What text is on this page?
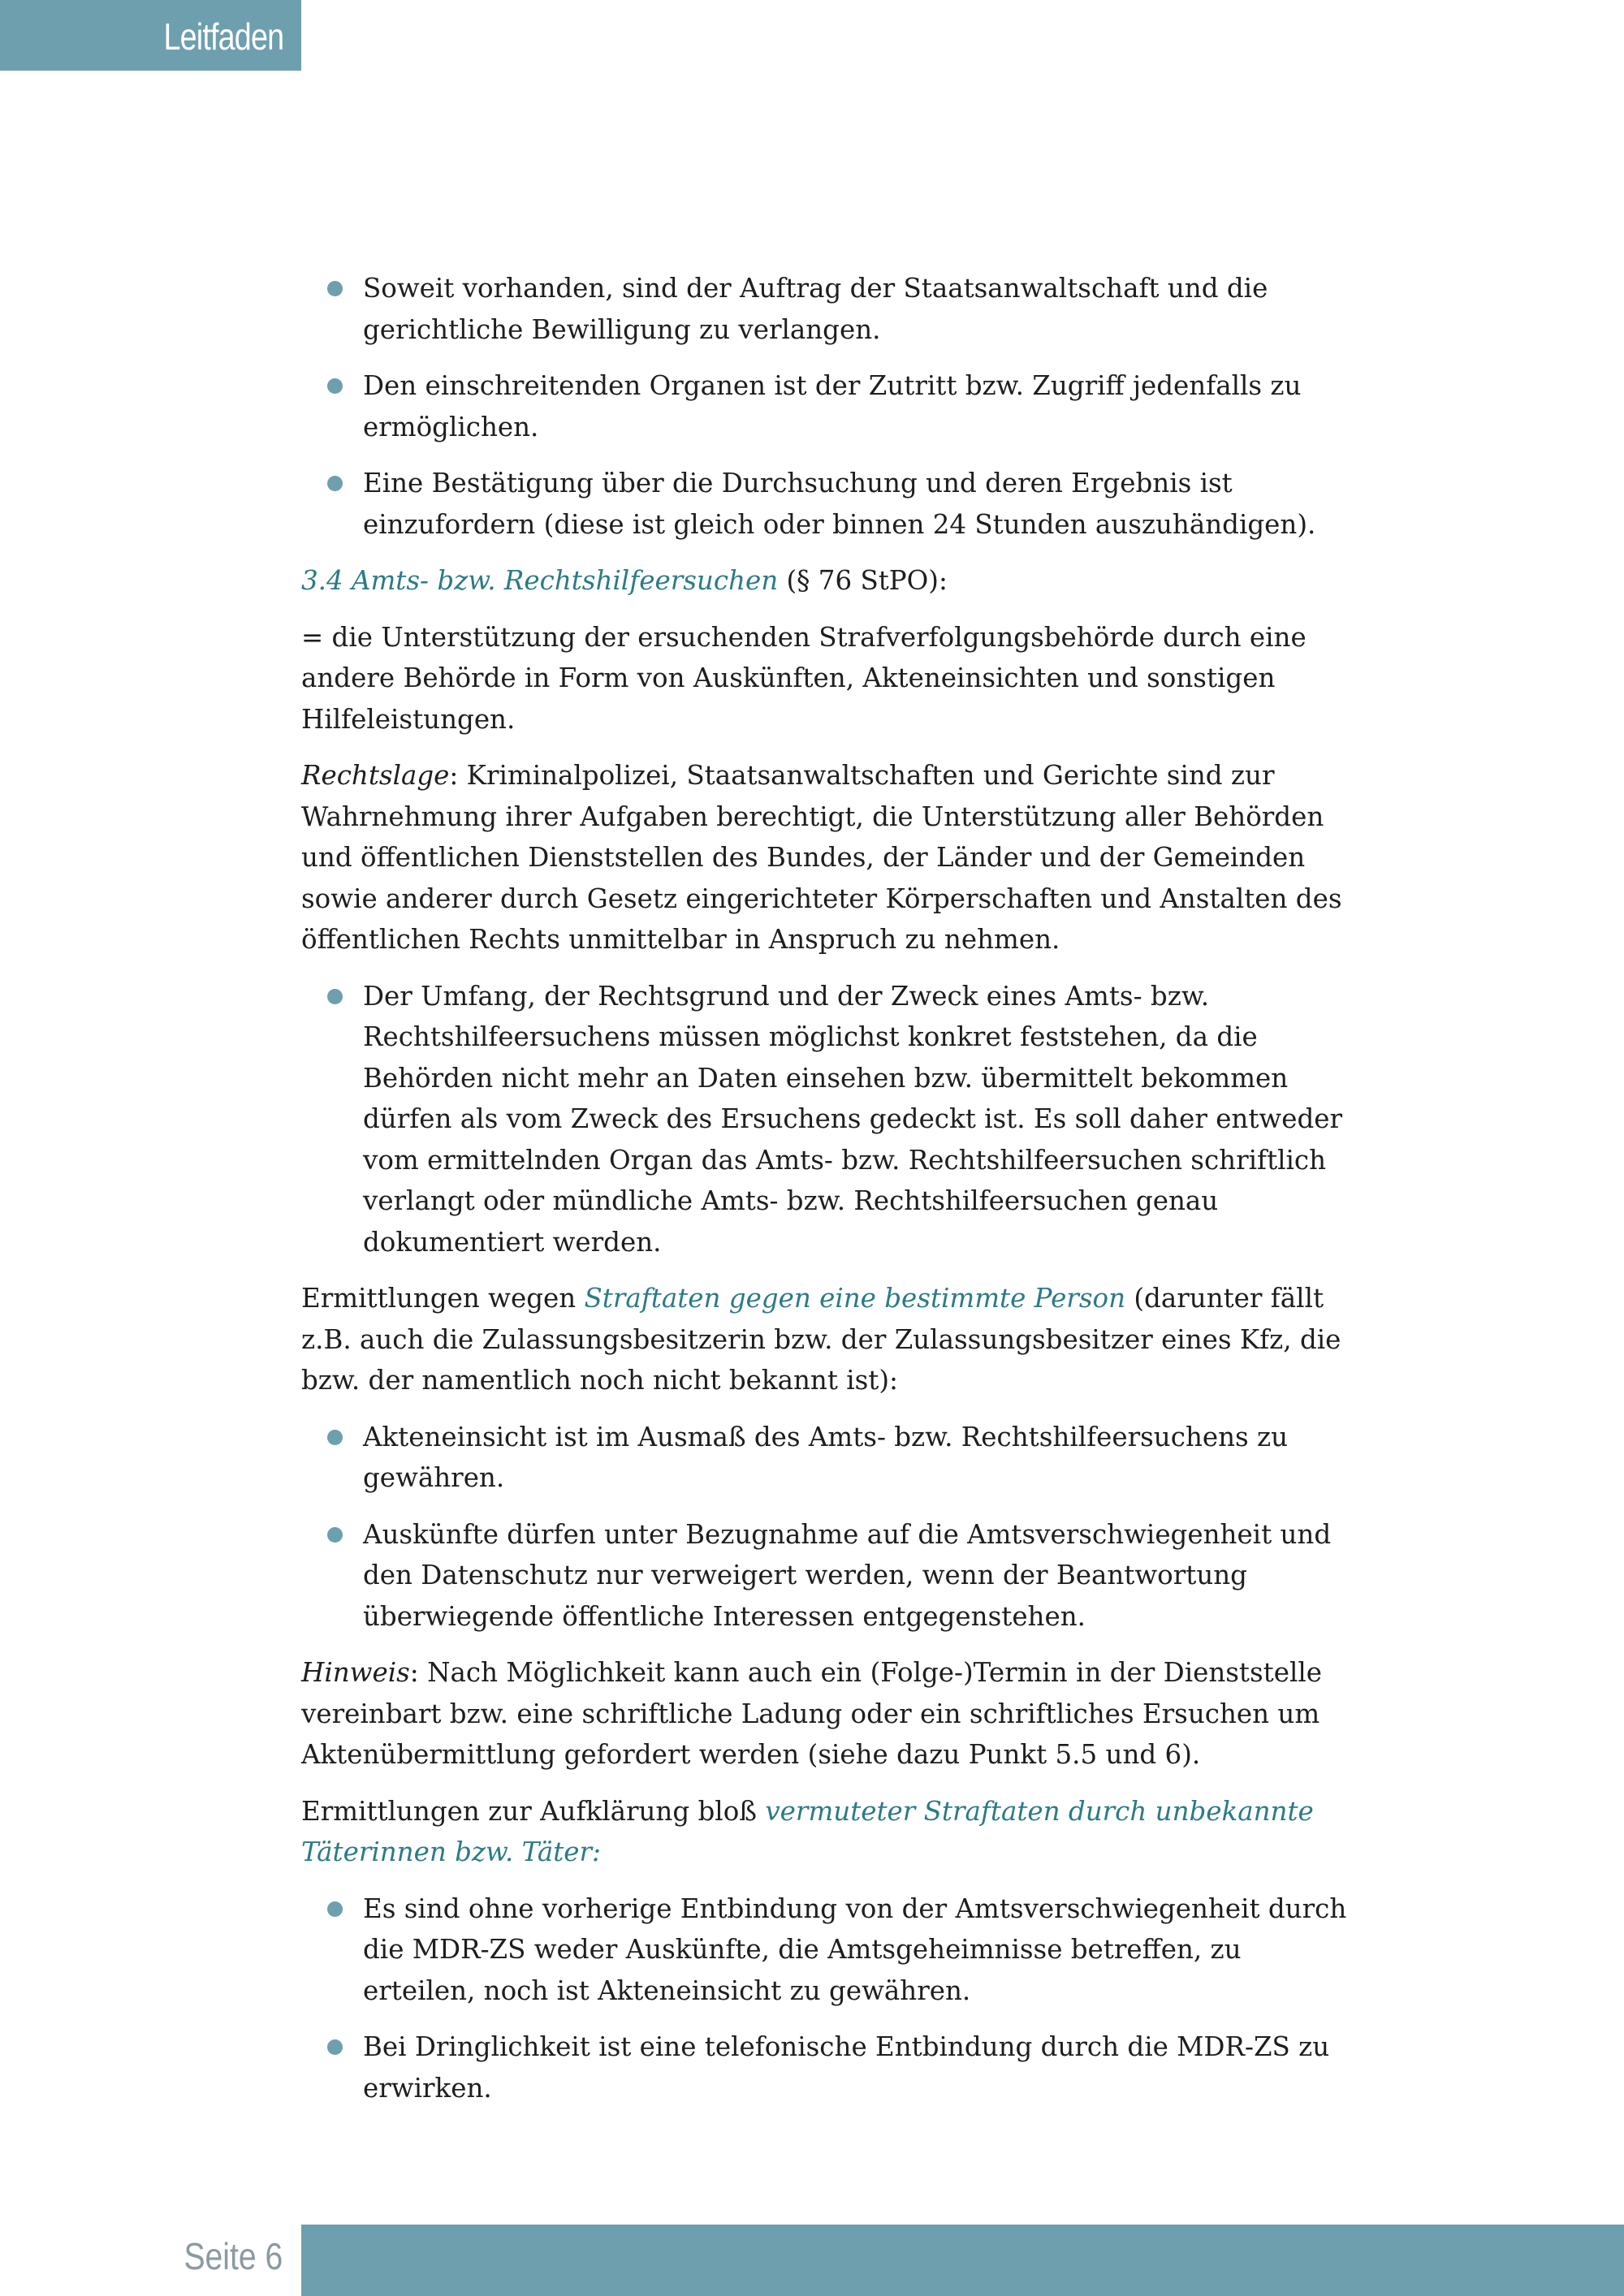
Leitfaden
Soweit vorhanden, sind der Auftrag der Staatsanwaltschaft und die gerichtliche Bewilligung zu verlangen.
Den einschreitenden Organen ist der Zutritt bzw. Zugriff jedenfalls zu ermöglichen.
Eine Bestätigung über die Durchsuchung und deren Ergebnis ist einzufordern (diese ist gleich oder binnen 24 Stunden auszuhändigen).

3.4 Amts- bzw. Rechtshilfeersuchen (§ 76 StPO):

= die Unterstützung der ersuchenden Strafverfolgungsbehörde durch eine andere Behörde in Form von Auskünften, Akteneinsichten und sonstigen Hilfeleistungen.

Rechtslage: Kriminalpolizei, Staatsanwaltschaften und Gerichte sind zur Wahrnehmung ihrer Aufgaben berechtigt, die Unterstützung aller Behörden und öffentlichen Dienststellen des Bundes, der Länder und der Gemeinden sowie anderer durch Gesetz eingerichteter Körperschaften und Anstalten des öffentlichen Rechts unmittelbar in Anspruch zu nehmen.

Der Umfang, der Rechtsgrund und der Zweck eines Amts- bzw. Rechtshilfeersuchens müssen möglichst konkret feststehen, da die Behörden nicht mehr an Daten einsehen bzw. übermittelt bekommen dürfen als vom Zweck des Ersuchens gedeckt ist. Es soll daher entweder vom ermittelnden Organ das Amts- bzw. Rechtshilfeersuchen schriftlich verlangt oder mündliche Amts- bzw. Rechtshilfeersuchen genau dokumentiert werden.

Ermittlungen wegen Straftaten gegen eine bestimmte Person (darunter fällt z.B. auch die Zulassungsbesitzerin bzw. der Zulassungsbesitzer eines Kfz, die bzw. der namentlich noch nicht bekannt ist):

Akteneinsicht ist im Ausmaß des Amts- bzw. Rechtshilfeersuchens zu gewähren.
Auskünfte dürfen unter Bezugnahme auf die Amtsverschwiegenheit und den Datenschutz nur verweigert werden, wenn der Beantwortung überwiegende öffentliche Interessen entgegenstehen.

Hinweis: Nach Möglichkeit kann auch ein (Folge-)Termin in der Dienststelle vereinbart bzw. eine schriftliche Ladung oder ein schriftliches Ersuchen um Aktenübermittlung gefordert werden (siehe dazu Punkt 5.5 und 6).

Ermittlungen zur Aufklärung bloß vermuteter Straftaten durch unbekannte Täterinnen bzw. Täter:

Es sind ohne vorherige Entbindung von der Amtsverschwiegenheit durch die MDR-ZS weder Auskünfte, die Amtsgeheimnisse betreffen, zu erteilen, noch ist Akteneinsicht zu gewähren.
Bei Dringlichkeit ist eine telefonische Entbindung durch die MDR-ZS zu erwirken.
Seite 6
